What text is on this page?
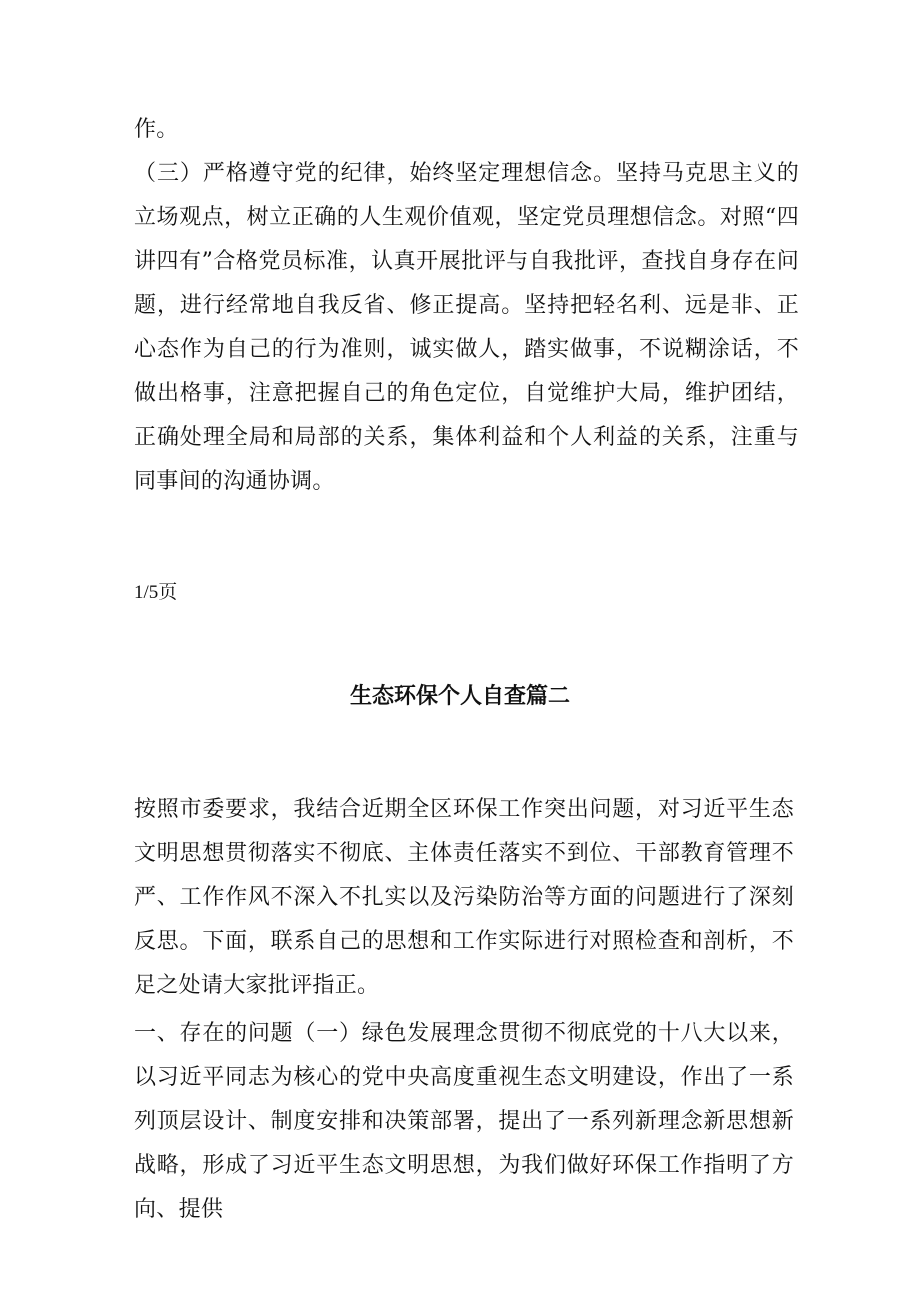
作。

（三）严格遵守党的纪律，始终坚定理想信念。坚持马克思主义的立场观点，树立正确的人生观价值观，坚定党员理想信念。对照“四讲四有”合格党员标准，认真开展批评与自我批评，查找自身存在问题，进行经常地自我反省、修正提高。坚持把轻名利、远是非、正心态作为自己的行为准则，诚实做人，踏实做事，不说糊涂话，不做出格事，注意把握自己的角色定位，自觉维护大局，维护团结，正确处理全局和局部的关系，集体利益和个人利益的关系，注重与同事间的沟通协调。

1/5页

生态环保个人自查篇二

按照市委要求，我结合近期全区环保工作突出问题，对习近平生态文明思想贯彻落实不彻底、主体责任落实不到位、干部教育管理不严、工作作风不深入不扎实以及污染防治等方面的问题进行了深刻反思。下面，联系自己的思想和工作实际进行对照检查和剖析，不足之处请大家批评指正。

一、存在的问题（一）绿色发展理念贯彻不彻底党的十八大以来，以习近平同志为核心的党中央高度重视生态文明建设，作出了一系列顶层设计、制度安排和决策部署，提出了一系列新理念新思想新战略，形成了习近平生态文明思想，为我们做好环保工作指明了方向、提供
